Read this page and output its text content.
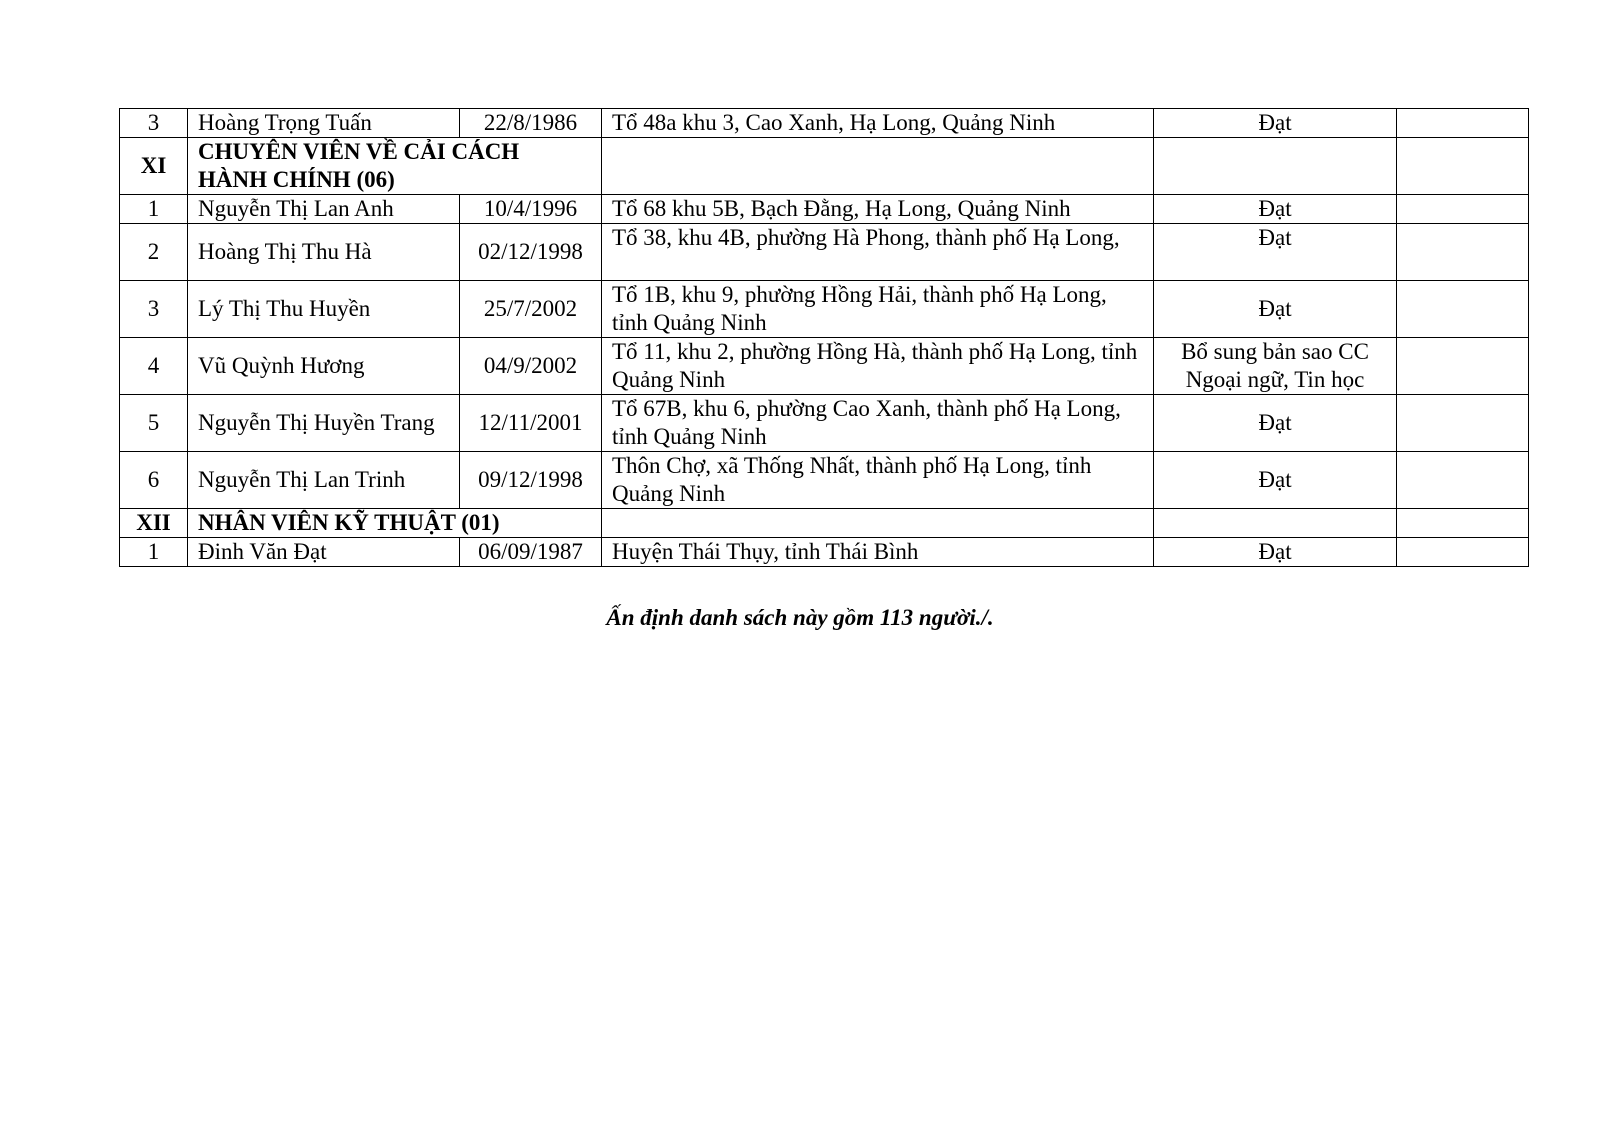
3	Hoàng Trọng Tuấn	22/8/1986	Tổ 48a khu 3, Cao Xanh, Hạ Long, Quảng Ninh	Đạt	
XI	CHUYÊN VIÊN VỀ CẢI CÁCH HÀNH CHÍNH (06)				
1	Nguyễn Thị Lan Anh	10/4/1996	Tổ 68 khu 5B, Bạch Đằng, Hạ Long, Quảng Ninh	Đạt	
2	Hoàng Thị Thu Hà	02/12/1998	Tổ 38, khu 4B, phường Hà Phong, thành phố Hạ Long,	Đạt	
3	Lý Thị Thu Huyền	25/7/2002	Tổ 1B, khu 9, phường Hồng Hải, thành phố Hạ Long, tỉnh Quảng Ninh	Đạt	
4	Vũ Quỳnh Hương	04/9/2002	Tổ 11, khu 2, phường Hồng Hà, thành phố Hạ Long, tỉnh Quảng Ninh	Bổ sung bản sao CC Ngoại ngữ, Tin học	
5	Nguyễn Thị Huyền Trang	12/11/2001	Tổ 67B, khu 6, phường Cao Xanh, thành phố Hạ Long, tỉnh Quảng Ninh	Đạt	
6	Nguyễn Thị Lan Trinh	09/12/1998	Thôn Chợ, xã Thống Nhất, thành phố Hạ Long, tỉnh Quảng Ninh	Đạt	
XII	NHÂN VIÊN KỸ THUẬT (01)				
1	Đinh Văn Đạt	06/09/1987	Huyện Thái Thụy, tỉnh Thái Bình	Đạt	
Ấn định danh sách này gồm 113 người./.
